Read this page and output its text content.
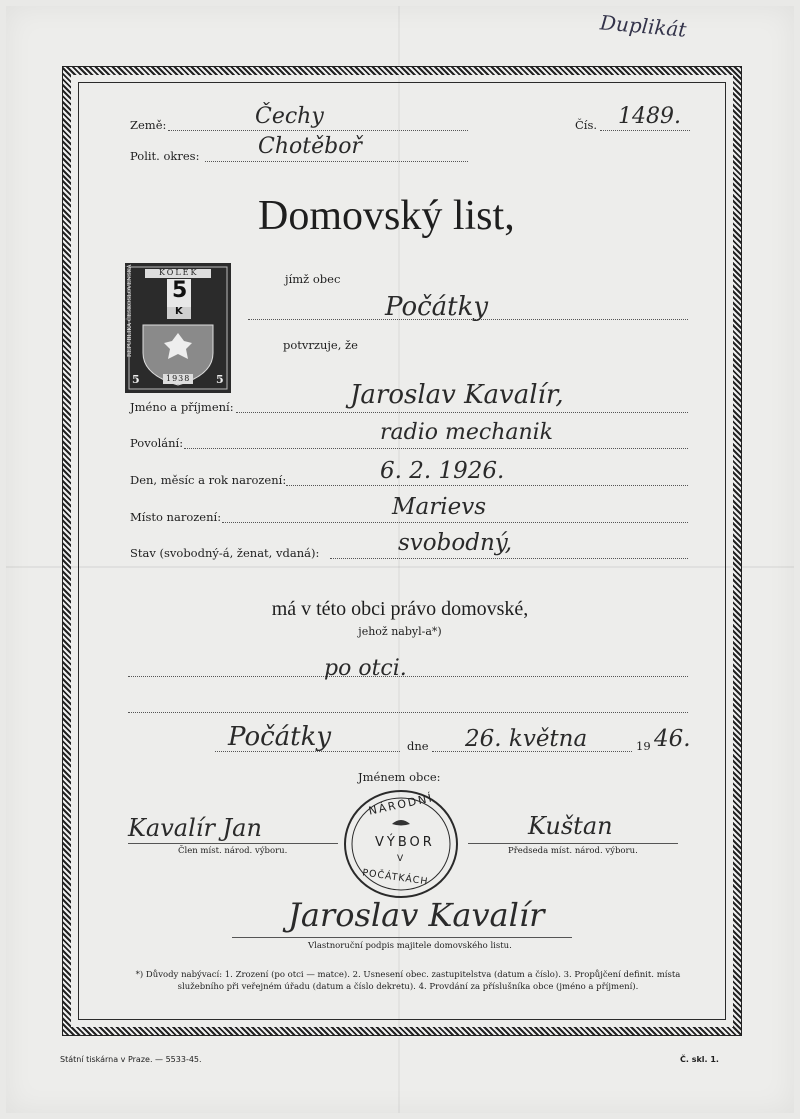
Duplikát
Země:	Čechy	Čís. 1489.
Polit. okres:	Chotěboř
Domovský list,
KOLEK
5
K
REPUBLIKA ČESKOSLOVENSKÁ
5	5
1938
jímž obec
Počátky
potvrzuje, že
Jméno a příjmení:	Jaroslav Kavalír,
Povolání:	radio mechanik
Den, měsíc a rok narození:	6. 2. 1926.
Místo narození:	Marievs
Stav (svobodný-á, ženat, vdaná):	svobodný,
má v této obci právo domovské,
jehož nabyl-a*)
po otci.
Počátky	dne 26. května	19 46.
Jménem obce:
Kavalír Jan
Člen míst. národ. výboru.
Kuštan
Předseda míst. národ. výboru.
NÁRODNÍ
VÝBOR
V
POČÁTKÁCH
Jaroslav Kavalír
Vlastnoruční podpis majitele domovského listu.
*) Důvody nabývací: 1. Zrození (po otci — matce). 2. Usnesení obec. zastupitelstva (datum a číslo). 3. Propůjčení definit. místa služebního při veřejném úřadu (datum a číslo dekretu). 4. Provdání za příslušníka obce (jméno a příjmení).
Státní tiskárna v Praze. — 5533-45.	Č. skl. 1.
